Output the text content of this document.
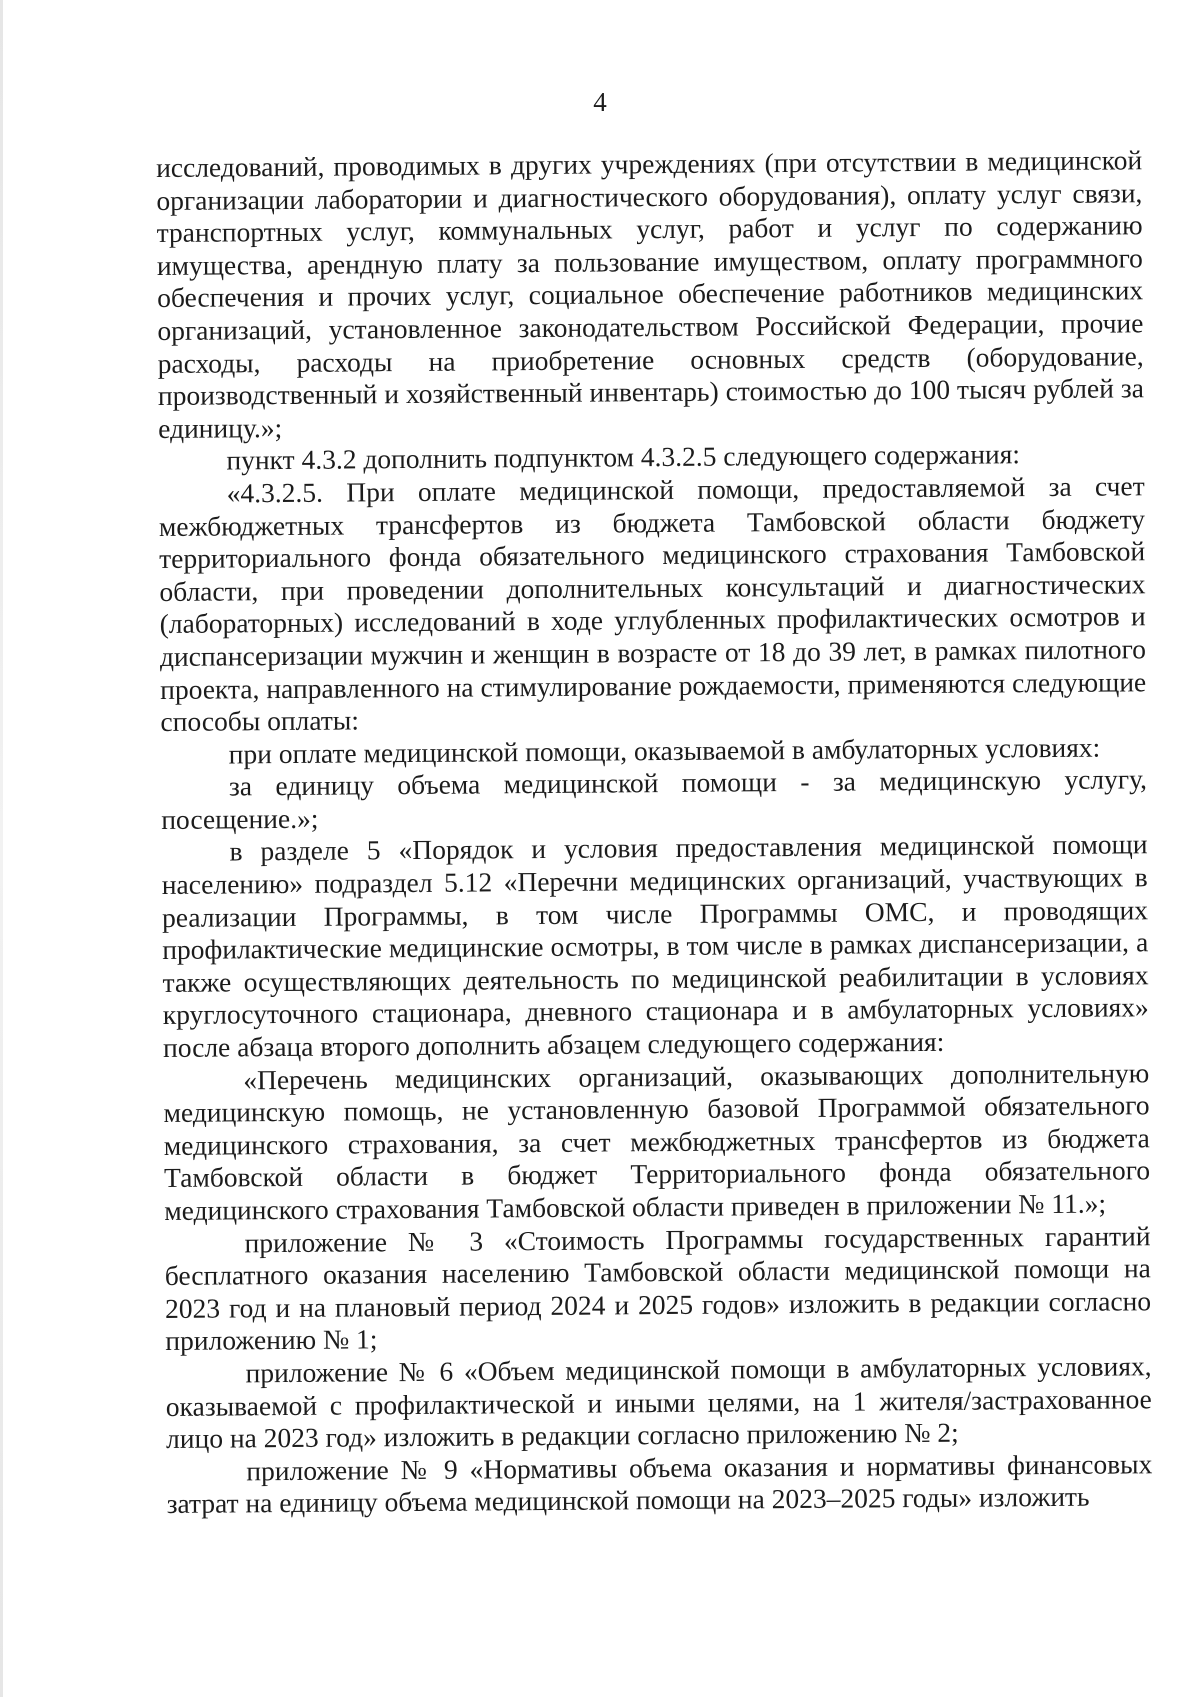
4

исследований, проводимых в других учреждениях (при отсутствии в медицинской организации лаборатории и диагностического оборудования), оплату услуг связи, транспортных услуг, коммунальных услуг, работ и услуг по содержанию имущества, арендную плату за пользование имуществом, оплату программного обеспечения и прочих услуг, социальное обеспечение работников медицинских организаций, установленное законодательством Российской Федерации, прочие расходы, расходы на приобретение основных средств (оборудование, производственный и хозяйственный инвентарь) стоимостью до 100 тысяч рублей за единицу.»;

пункт 4.3.2 дополнить подпунктом 4.3.2.5 следующего содержания:

«4.3.2.5. При оплате медицинской помощи, предоставляемой за счет межбюджетных трансфертов из бюджета Тамбовской области бюджету территориального фонда обязательного медицинского страхования Тамбовской области, при проведении дополнительных консультаций и диагностических (лабораторных) исследований в ходе углубленных профилактических осмотров и диспансеризации мужчин и женщин в возрасте от 18 до 39 лет, в рамках пилотного проекта, направленного на стимулирование рождаемости, применяются следующие способы оплаты:

при оплате медицинской помощи, оказываемой в амбулаторных условиях:

за единицу объема медицинской помощи - за медицинскую услугу, посещение.»;

в разделе 5 «Порядок и условия предоставления медицинской помощи населению» подраздел 5.12 «Перечни медицинских организаций, участвующих в реализации Программы, в том числе Программы ОМС, и проводящих профилактические медицинские осмотры, в том числе в рамках диспансеризации, а также осуществляющих деятельность по медицинской реабилитации в условиях круглосуточного стационара, дневного стационара и в амбулаторных условиях» после абзаца второго дополнить абзацем следующего содержания:

«Перечень медицинских организаций, оказывающих дополнительную медицинскую помощь, не установленную базовой Программой обязательного медицинского страхования, за счет межбюджетных трансфертов из бюджета Тамбовской области в бюджет Территориального фонда обязательного медицинского страхования Тамбовской области приведен в приложении № 11.»;

приложение № 3 «Стоимость Программы государственных гарантий бесплатного оказания населению Тамбовской области медицинской помощи на 2023 год и на плановый период 2024 и 2025 годов» изложить в редакции согласно приложению № 1;

приложение № 6 «Объем медицинской помощи в амбулаторных условиях, оказываемой с профилактической и иными целями, на 1 жителя/застрахованное лицо на 2023 год» изложить в редакции согласно приложению № 2;

приложение № 9 «Нормативы объема оказания и нормативы финансовых затрат на единицу объема медицинской помощи на 2023–2025 годы» изложить
